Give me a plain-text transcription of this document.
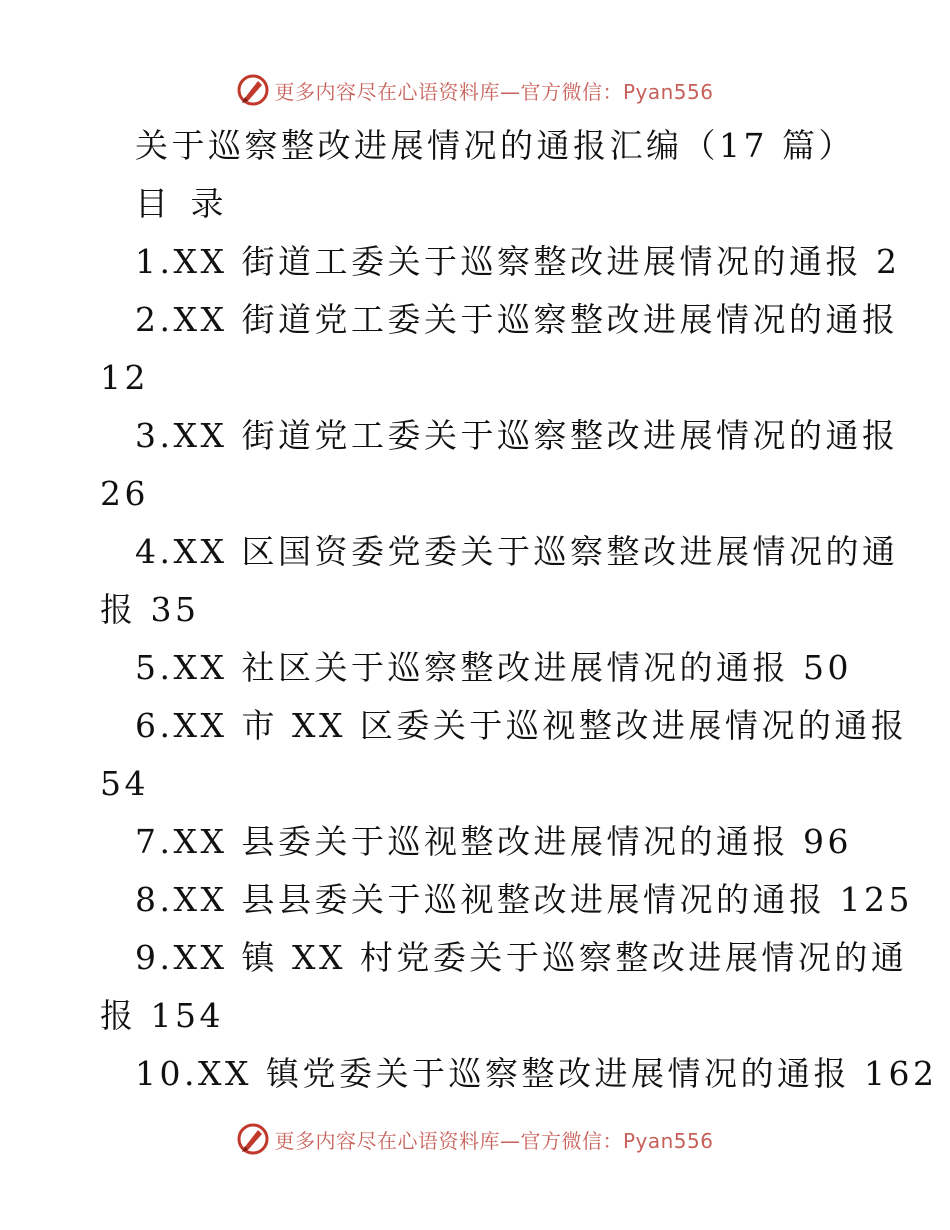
更多内容尽在心语资料库—官方微信：Pyan556
关于巡察整改进展情况的通报汇编（17 篇）
目 录
1.XX 街道工委关于巡察整改进展情况的通报 2
2.XX 街道党工委关于巡察整改进展情况的通报
12
3.XX 街道党工委关于巡察整改进展情况的通报
26
4.XX 区国资委党委关于巡察整改进展情况的通
报 35
5.XX 社区关于巡察整改进展情况的通报 50
6.XX 市 XX 区委关于巡视整改进展情况的通报
54
7.XX 县委关于巡视整改进展情况的通报 96
8.XX 县县委关于巡视整改进展情况的通报 125
9.XX 镇 XX 村党委关于巡察整改进展情况的通
报 154
10.XX 镇党委关于巡察整改进展情况的通报 162
更多内容尽在心语资料库—官方微信：Pyan556
